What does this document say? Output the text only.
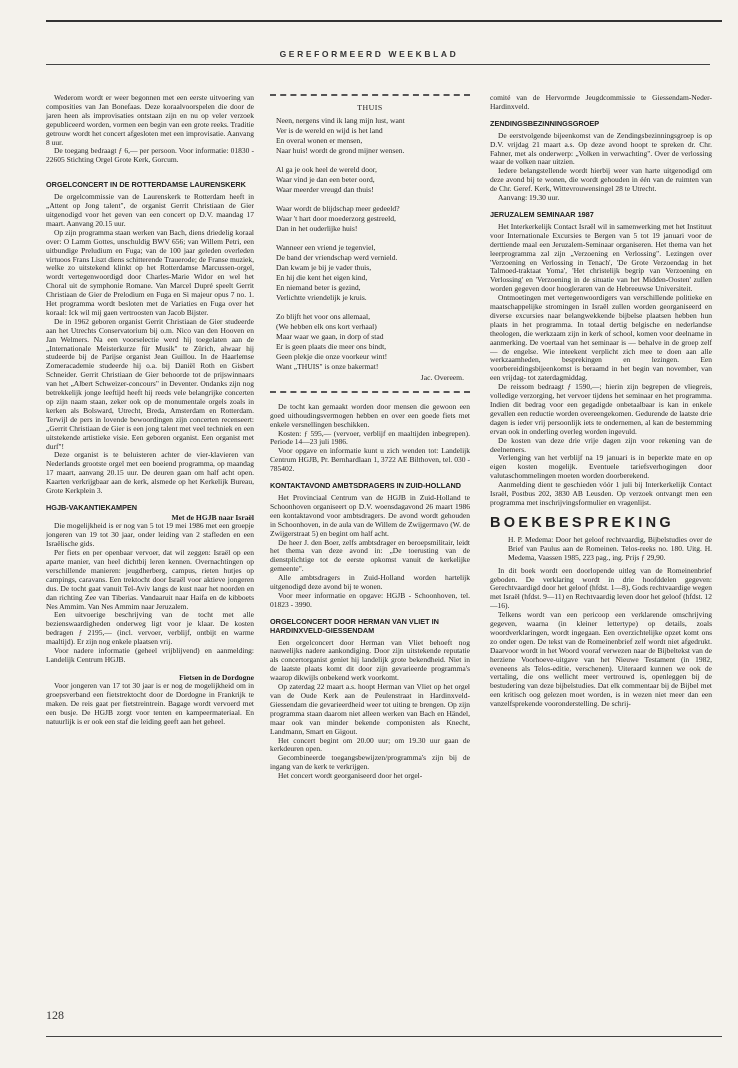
GEREFORMEERD WEEKBLAD

Wederom wordt er weer begonnen met een eerste uitvoering van composities van Jan Bonefaas. Deze koraalvoorspelen die door de jaren heen als improvisaties ontstaan zijn en nu op veler verzoek gepubliceerd worden, vormen een begin van een grote reeks. Traditie getrouw wordt het concert afgesloten met een improvisatie. Aanvang 8 uur.

De toegang bedraagt ƒ 6,— per persoon. Voor informatie: 01830 - 22605 Stichting Orgel Grote Kerk, Gorcum.

ORGELCONCERT IN DE ROTTERDAMSE LAURENSKERK

De orgelcommissie van de Laurenskerk te Rotterdam heeft in „Attent op Jong talent", de organist Gerrit Christiaan de Gier uitgenodigd voor het geven van een concert op D.V. maandag 17 maart. Aanvang 20.15 uur.

Op zijn programma staan werken van Bach, diens driedelig koraal over: O Lamm Gottes, unschuldig BWV 656; van Willem Petri, een uitbundige Preludium en Fuga; van de 100 jaar geleden overleden virtuoos Frans Liszt diens schitterende Trauerode; de Franse muziek, welke zo uitstekend klinkt op het Rotterdamse Marcussen-orgel, wordt vertegenwoordigd door Charles-Marie Widor en wel het Choral uit de symphonie Romane. Van Marcel Dupré speelt Gerrit Christiaan de Gier de Prelodium en Fuga en Si majeur opus 7 no. 1. Het programma wordt besloten met de Variaties en Fuga over het koraal: Ick wil mij gaen vertroosten van Jacob Bijster.

De in 1962 geboren organist Gerrit Christiaan de Gier studeerde aan het Utrechts Conservatorium bij o.m. Nico van den Hooven en Jan Welmers. Na een voorselectie werd hij toegelaten aan de „Internationale Meisterkurze für Musik" te Zürich, alwaar hij studeerde bij de Parijse organist Jean Guillou. In de Haarlemse Zomeracademie studeerde hij o.a. bij Daniël Roth en Gisbert Schneider. Gerrit Christiaan de Gier behoorde tot de prijswinnaars van het „Albert Schweizer-concours" in Deventer. Ondanks zijn nog betrekkelijk jonge leeftijd heeft hij reeds vele belangrijke concerten op zijn naam staan, zeker ook op de monumentale orgels zoals in kerken als Bolsward, Utrecht, Breda, Amsterdam en Rotterdam. Terwijl de pers in lovende bewoordingen zijn concerten recenseert: „Gerrit Christiaan de Gier is een jong talent met veel techniek en een uitstekende artistieke visie. Een geboren organist. Een organist met durf"!

Deze organist is te beluisteren achter de vier-klavieren van Nederlands grootste orgel met een boeiend programma, op maandag 17 maart, aanvang 20.15 uur. De deuren gaan om half acht open. Kaarten verkrijgbaar aan de kerk, alsmede op het Kerkelijk Bureau, Grote Kerkplein 3.

HGJB-VAKANTIEKAMPEN
Met de HGJB naar Israël

Die mogelijkheid is er nog van 5 tot 19 mei 1986 met een groepje jongeren van 19 tot 30 jaar, onder leiding van 2 stafleden en een Israëlische gids.

Per fiets en per openbaar vervoer, dat wil zeggen: Israël op een aparte manier, van heel dichtbij leren kennen. Overnachtingen op verschillende manieren: jeugdherberg, campus, rieten hutjes op campings, caravans. Een trektocht door Israël voor aktieve jongeren dus. De tocht gaat vanuit Tel-Aviv langs de kust naar het noorden en dan richting Zee van Tiberias. Vandaaruit naar Haifa en de kibboets Nes Ammim. Van Nes Ammim naar Jeruzalem.

Een uitvoerige beschrijving van de tocht met alle bezienswaardigheden onderweg ligt voor je klaar. De kosten bedragen ƒ 2195,— (incl. vervoer, verblijf, ontbijt en warme maaltijd). Er zijn nog enkele plaatsen vrij.

Voor nadere informatie (geheel vrijblijvend) en aanmelding: Landelijk Centrum HGJB.

Fietsen in de Dordogne

Voor jongeren van 17 tot 30 jaar is er nog de mogelijkheid om in groepsverband een fietstrektocht door de Dordogne in Frankrijk te maken. De reis gaat per fietstreintrein. Bagage wordt vervoerd met een busje. De HGJB zorgt voor tenten en kampeermateriaal. En natuurlijk is er ook een staf die leiding geeft aan het geheel.

THUIS
Neen, nergens vind ik lang mijn lust, want
Ver is de wereld en wijd is het land
En overal wonen er mensen,
Naar huis! wordt de grond mijner wensen.
Al ga je ook heel de wereld door,
Waar vind je dan een beter oord,
Waar meerder vreugd dan thuis!
Waar wordt de blijdschap meer gedeeld?
Waar 't hart door moederzorg gestreeld,
Dan in het ouderlijke huis!
Wanneer een vriend je tegenviel,
De band der vriendschap werd vernield.
Dan kwam je bij je vader thuis,
En hij die kent het eigen kind,
En niemand beter is gezind,
Verlichtte vriendelijk je kruis.
Zo blijft het voor ons allemaal,
(We hebben elk ons kort verhaal)
Maar waar we gaan, in dorp of stad
Er is geen plaats die meer ons bindt,
Geen plekje die onze voorkeur wint!
Want „THUIS" is onze bakermat!
Jac. Overeem.

De tocht kan gemaakt worden door mensen die gewoon een goed uithoudingsvermogen hebben en over een goede fiets met enkele versnellingen beschikken.

Kosten: ƒ 595,— (vervoer, verblijf en maaltijden inbegrepen). Periode 14—23 juli 1986.

Voor opgave en informatie kunt u zich wenden tot: Landelijk Centrum HGJB, Pr. Bernhardlaan 1, 3722 AE Bilthoven, tel. 030 - 785402.

KONTAKTAVOND AMBTSDRAGERS IN ZUID-HOLLAND

Het Provinciaal Centrum van de HGJB in Zuid-Holland te Schoonhoven organiseert op D.V. woensdagavond 26 maart 1986 een kontaktavond voor ambtsdragers. De avond wordt gehouden in Schoonhoven, in de aula van de Willem de Zwijgermavo (W. de Zwijgerstraat 5) en begint om half acht.

De heer J. den Boer, zelfs ambtsdrager en beroepsmilitair, leidt het thema van deze avond in: „De toerusting van de dienstplichtige tot de eerste opkomst vanuit de kerkelijke gemeente".

Alle ambtsdragers in Zuid-Holland worden hartelijk uitgenodigd deze avond bij te wonen.

Voor meer informatie en opgave: HGJB - Schoonhoven, tel. 01823 - 3990.

ORGELCONCERT DOOR HERMAN VAN VLIET IN HARDINXVELD-GIESSENDAM

Een orgelconcert door Herman van Vliet behoeft nog nauwelijks nadere aankondiging. Door zijn uitstekende reputatie als concertorganist geniet hij landelijk grote bekendheid. Niet in de laatste plaats komt dit door zijn gevarieerde programma's waarop dikwijls onbekend werk voorkomt.

Op zaterdag 22 maart a.s. hoopt Herman van Vliet op het orgel van de Oude Kerk aan de Peulenstraat in Hardinxveld-Giessendam die gevarieerdheid weer tot uiting te brengen. Op zijn programma staan daarom niet alleen werken van Bach en Händel, maar ook van minder bekende componisten als Knecht, Landmann, Smart en Gigout.

Het concert begint om 20.00 uur; om 19.30 uur gaan de kerkdeuren open.

Gecombineerde toegangsbewijzen/programma's zijn bij de ingang van de kerk te verkrijgen.

Het concert wordt georganiseerd door het orgel-

comité van de Hervormde Jeugdcommissie te Giessendam-Neder-Hardinxveld.

ZENDINGSBEZINNINGSGROEP

De eerstvolgende bijeenkomst van de Zendingsbezinningsgroep is op D.V. vrijdag 21 maart a.s. Op deze avond hoopt te spreken dr. Chr. Fahner, met als onderwerp: „Volken in verwachting". Over de verlossing waar de volken naar uitzien.

Iedere belangstellende wordt hierbij weer van harte uitgenodigd om deze avond bij te wonen, die wordt gehouden in één van de ruimten van de Chr. Geref. Kerk, Wittevrouwensingel 28 te Utrecht.

Aanvang: 19.30 uur.

JERUZALEM SEMINAAR 1987

Het Interkerkelijk Contact Israël wil in samenwerking met het Instituut voor Internationale Excursies te Bergen van 5 tot 19 januari voor de derttiende maal een Jeruzalem-Seminaar organiseren. Het thema van het leerprogramma zal zijn „Verzoening en Verlossing". Lezingen over 'Verzoening en Verlossing in Tenach', 'De Grote Verzoendag in het Talmoed-traktaat Yoma', 'Het christelijk begrip van Verzoening en Verlossing' en 'Verzoening in de situatie van het Midden-Oosten' zullen worden gegeven door hoogleraren van de Hebreeuwse Universiteit.

Ontmoetingen met vertegenwoordigers van verschillende politieke en maatschappelijke stromingen in Israël zullen worden georganiseerd en diverse excursies naar belangwekkende bijbelse plaatsen hebben hun plaats in het programma. In totaal dertig belgische en nederlandse theologen, die werkzaam zijn in kerk of school, komen voor deelname in aanmerking. De voertaal van het seminaar is — behalve in de groep zelf — de engelse. Wie inteekent verplicht zich mee te doen aan alle werkzaamheden, besprekingen en lezingen. Een voorbereidingsbijeenkomst is beraamd in het begin van november, van een vrijdag- tot zaterdagmiddag.

De reissom bedraagt ƒ 1590,—; hierin zijn begrepen de vliegreis, volledige verzorging, het vervoer tijdens het seminaar en het programma. Indien dit bedrag voor een gegadigde onbetaalbaar is kan in enkele gevallen een reductie worden overeengekomen. Gedurende de laatste drie dagen is ieder vrij persoonlijk iets te ondernemen, al kan de bestemming ervan ook in onderling overleg worden ingevuld.

De kosten van deze drie vrije dagen zijn voor rekening van de deelnemers.

Verlenging van het verblijf na 19 januari is in beperkte mate en op eigen kosten mogelijk. Eventuele tariefsverhogingen door valutaschommelingen moeten worden doorberekend.

Aanmelding dient te geschieden vóór 1 juli bij Interkerkelijk Contact Israël, Postbus 202, 3830 AB Leusden. Op verzoek ontvangt men een programma met inschrijvingsformulier en vragenlijst.

BOEKBESPREKING

H. P. Medema: Door het geloof rechtvaardig, Bijbelstudies over de Brief van Paulus aan de Romeinen. Telos-reeks no. 180. Uitg. H. Medema, Vaassen 1985, 223 pag., ing. Prijs ƒ 29,90.

In dit boek wordt een doorlopende uitleg van de Romeinenbrief geboden. De verklaring wordt in drie hoofddelen gegeven: Gerechtvaardigd door het geloof (hfdst. 1—8), Gods rechtvaardige wegen met Israël (hfdst. 9—11) en Rechtvaardig leven door het geloof (hfdst. 12—16).

Telkens wordt van een pericoop een verklarende omschrijving gegeven, waarna (in kleiner lettertype) op details, zoals woordverklaringen, wordt ingegaan. Een overzichtelijke opzet komt ons zo onder ogen. De tekst van de Romeinenbrief zelf wordt niet afgedrukt. Daarvoor wordt in het Woord vooraf verwezen naar de Bijbeltekst van de herziene Voorhoeve-uitgave van het Nieuwe Testament (in 1982, eveneens als Telos-editie, verschenen). Uiteraard kunnen we ook de vertaling, die ons wellicht meer vertrouwd is, openleggen bij de bestudering van deze bijbelstudies. Dat elk commentaar bij de Bijbel met een kritisch oog gelezen moet worden, is in wezen niet meer dan een vanzelfsprekende vooronderstelling. De schrij-

128
